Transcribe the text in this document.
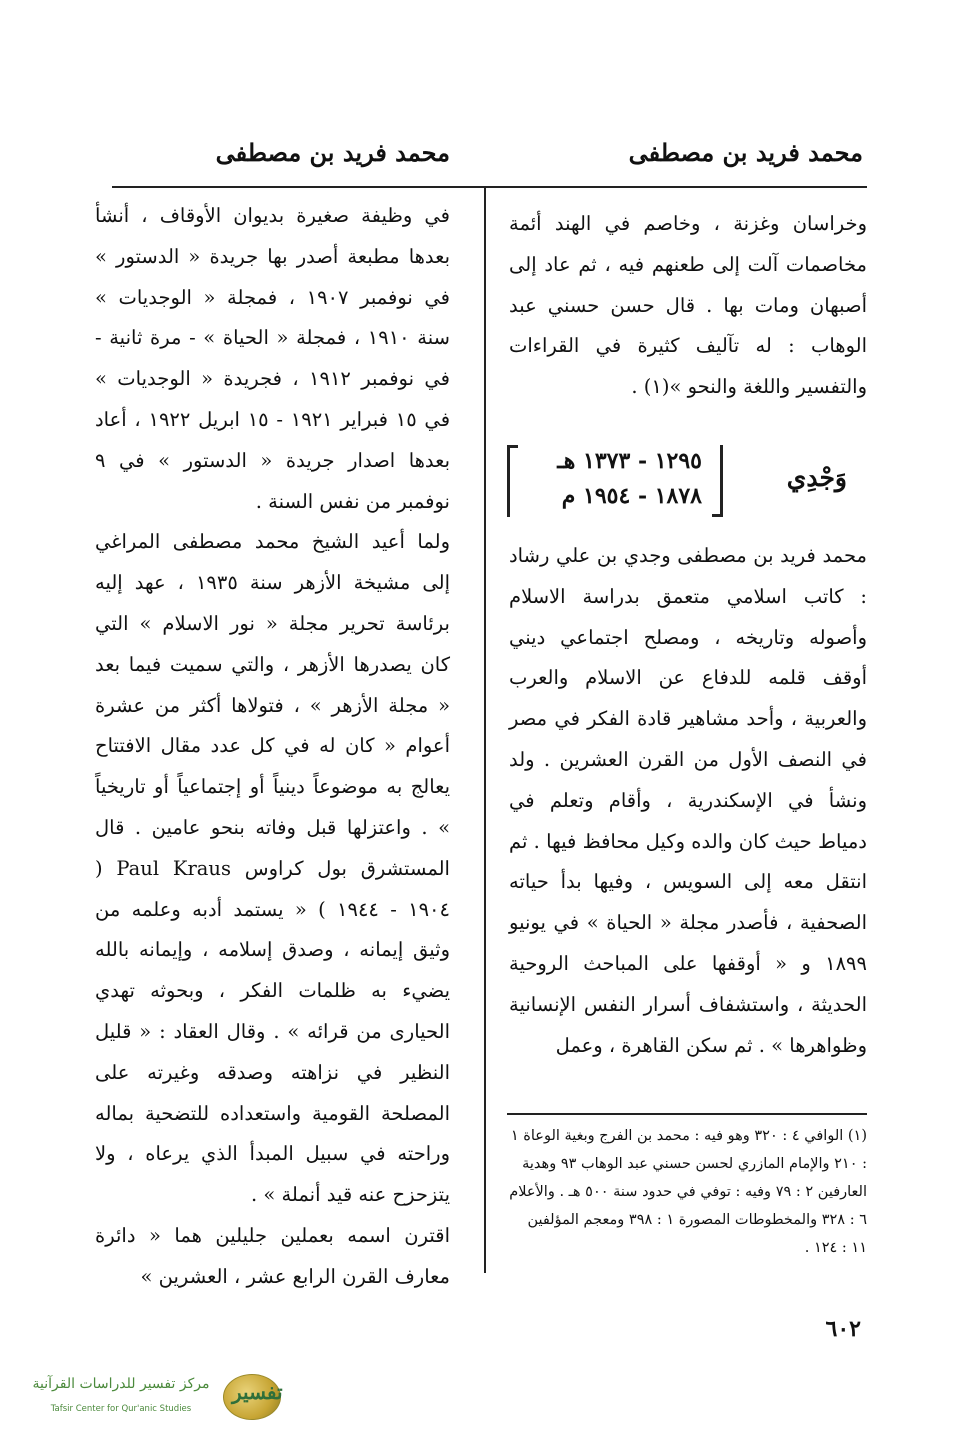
محمد فريد بن مصطفى
محمد فريد بن مصطفى

وخراسان وغزنة ، وخاصم في الهند أئمة مخاصمات آلت إلى طعنهم فيه ، ثم عاد إلى أصبهان ومات بها . قال حسن حسني عبد الوهاب : له تآليف كثيرة في القراءات والتفسير واللغة والنحو »(١) .

محمد فريد بن مصطفى وجدي بن علي رشاد : كاتب اسلامي متعمق بدراسة الاسلام وأصوله وتاريخه ، ومصلح اجتماعي ديني أوقف قلمه للدفاع عن الاسلام والعرب والعربية ، وأحد مشاهير قادة الفكر في مصر في النصف الأول من القرن العشرين . ولد ونشأ في الإسكندرية ، وأقام وتعلم في دمياط حيث كان والده وكيل محافظ فيها . ثم انتقل معه إلى السويس ، وفيها بدأ حياته الصحفية ، فأصدر مجلة « الحياة » في يونيو ١٨٩٩ و « أوقفها على المباحث الروحية الحديثة ، واستشفاف أسرار النفس الإنسانية وظواهرها » . ثم سكن القاهرة ، وعمل

وَجْدِي
١٢٩٥ - ١٣٧٣ هـ
١٨٧٨ - ١٩٥٤ م
(١) الوافي ٤ : ٣٢٠ وهو فيه : محمد بن الفرج وبغية الوعاة ١ : ٢١٠ والإمام المازري لحسن حسني عبد الوهاب ٩٣ وهدية العارفين ٢ : ٧٩ وفيه : توفي في حدود سنة ٥٠٠ هـ . والأعلام ٦ : ٣٢٨ والمخطوطات المصورة ١ : ٣٩٨ ومعجم المؤلفين ١١ : ١٢٤ .

في وظيفة صغيرة بديوان الأوقاف ، أنشأ بعدها مطبعة أصدر بها جريدة « الدستور » في نوفمبر ١٩٠٧ ، فمجلة « الوجديات » سنة ١٩١٠ ، فمجلة « الحياة » - مرة ثانية - في نوفمبر ١٩١٢ ، فجريدة « الوجديات » في ١٥ فبراير ١٩٢١ - ١٥ ابريل ١٩٢٢ ، أعاد بعدها اصدار جريدة « الدستور » في ٩ نوفمبر من نفس السنة .

ولما أعيد الشيخ محمد مصطفى المراغي إلى مشيخة الأزهر سنة ١٩٣٥ ، عهد إليه برئاسة تحرير مجلة « نور الاسلام » التي كان يصدرها الأزهر ، والتي سميت فيما بعد « مجلة الأزهر » ، فتولاها أكثر من عشرة أعوام « كان له في كل عدد مقال الافتتاح يعالج به موضوعاً دينياً أو إجتماعياً أو تاريخياً » . واعتزلها قبل وفاته بنحو عامين . قال المستشرق بول كراوس Paul Kraus ( ١٩٠٤ - ١٩٤٤ ) « يستمد أدبه وعلمه من وثيق إيمانه ، وصدق إسلامه ، وإيمانه بالله يضيء به ظلمات الفكر ، وبحوثه تهدي الحيارى من قرائه » . وقال العقاد : « قليل النظير في نزاهته وصدقه وغيرته على المصلحة القومية واستعداده للتضحية بماله وراحته في سبيل المبدأ الذي يرعاه ، ولا يتزحزح عنه قيد أنملة » .

اقترن اسمه بعملين جليلين هما « دائرة معارف القرن الرابع عشر ، العشرين »

٦٠٢
تفسير
مركز تفسير للدراسات القرآنية
Tafsir Center for Qur'anic Studies
